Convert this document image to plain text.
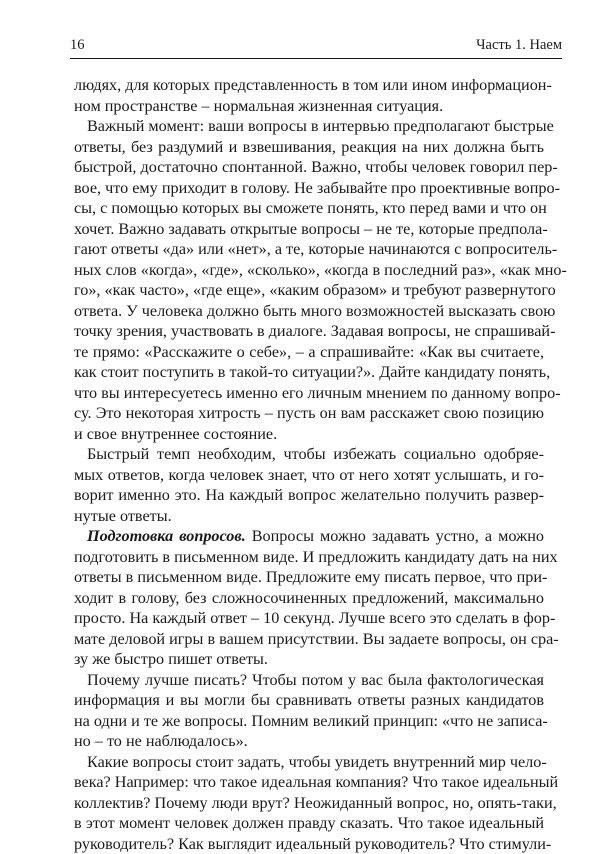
16	Часть 1. Наем
людях, для которых представленность в том или ином информацион-
ном пространстве – нормальная жизненная ситуация.
Важный момент: ваши вопросы в интервью предполагают быстрые
ответы, без раздумий и взвешивания, реакция на них должна быть
быстрой, достаточно спонтанной. Важно, чтобы человек говорил пер-
вое, что ему приходит в голову. Не забывайте про проективные вопро-
сы, с помощью которых вы сможете понять, кто перед вами и что он
хочет. Важно задавать открытые вопросы – не те, которые предпола-
гают ответы «да» или «нет», а те, которые начинаются с вопроситель-
ных слов «когда», «где», «сколько», «когда в последний раз», «как мно-
го», «как часто», «где еще», «каким образом» и требуют развернутого
ответа. У человека должно быть много возможностей высказать свою
точку зрения, участвовать в диалоге. Задавая вопросы, не спрашивай-
те прямо: «Расскажите о себе», – а спрашивайте: «Как вы считаете,
как стоит поступить в такой-то ситуации?». Дайте кандидату понять,
что вы интересуетесь именно его личным мнением по данному вопро-
су. Это некоторая хитрость – пусть он вам расскажет свою позицию
и свое внутреннее состояние.
Быстрый темп необходим, чтобы избежать социально одобряе-
мых ответов, когда человек знает, что от него хотят услышать, и го-
ворит именно это. На каждый вопрос желательно получить развер-
нутые ответы.
Подготовка вопросов. Вопросы можно задавать устно, а можно
подготовить в письменном виде. И предложить кандидату дать на них
ответы в письменном виде. Предложите ему писать первое, что при-
ходит в голову, без сложносочиненных предложений, максимально
просто. На каждый ответ – 10 секунд. Лучше всего это сделать в фор-
мате деловой игры в вашем присутствии. Вы задаете вопросы, он сра-
зу же быстро пишет ответы.
Почему лучше писать? Чтобы потом у вас была фактологическая
информация и вы могли бы сравнивать ответы разных кандидатов
на одни и те же вопросы. Помним великий принцип: «что не записа-
но – то не наблюдалось».
Какие вопросы стоит задать, чтобы увидеть внутренний мир чело-
века? Например: что такое идеальная компания? Что такое идеальный
коллектив? Почему люди врут? Неожиданный вопрос, но, опять-таки,
в этот момент человек должен правду сказать. Что такое идеальный
руководитель? Как выглядит идеальный руководитель? Что стимули-
